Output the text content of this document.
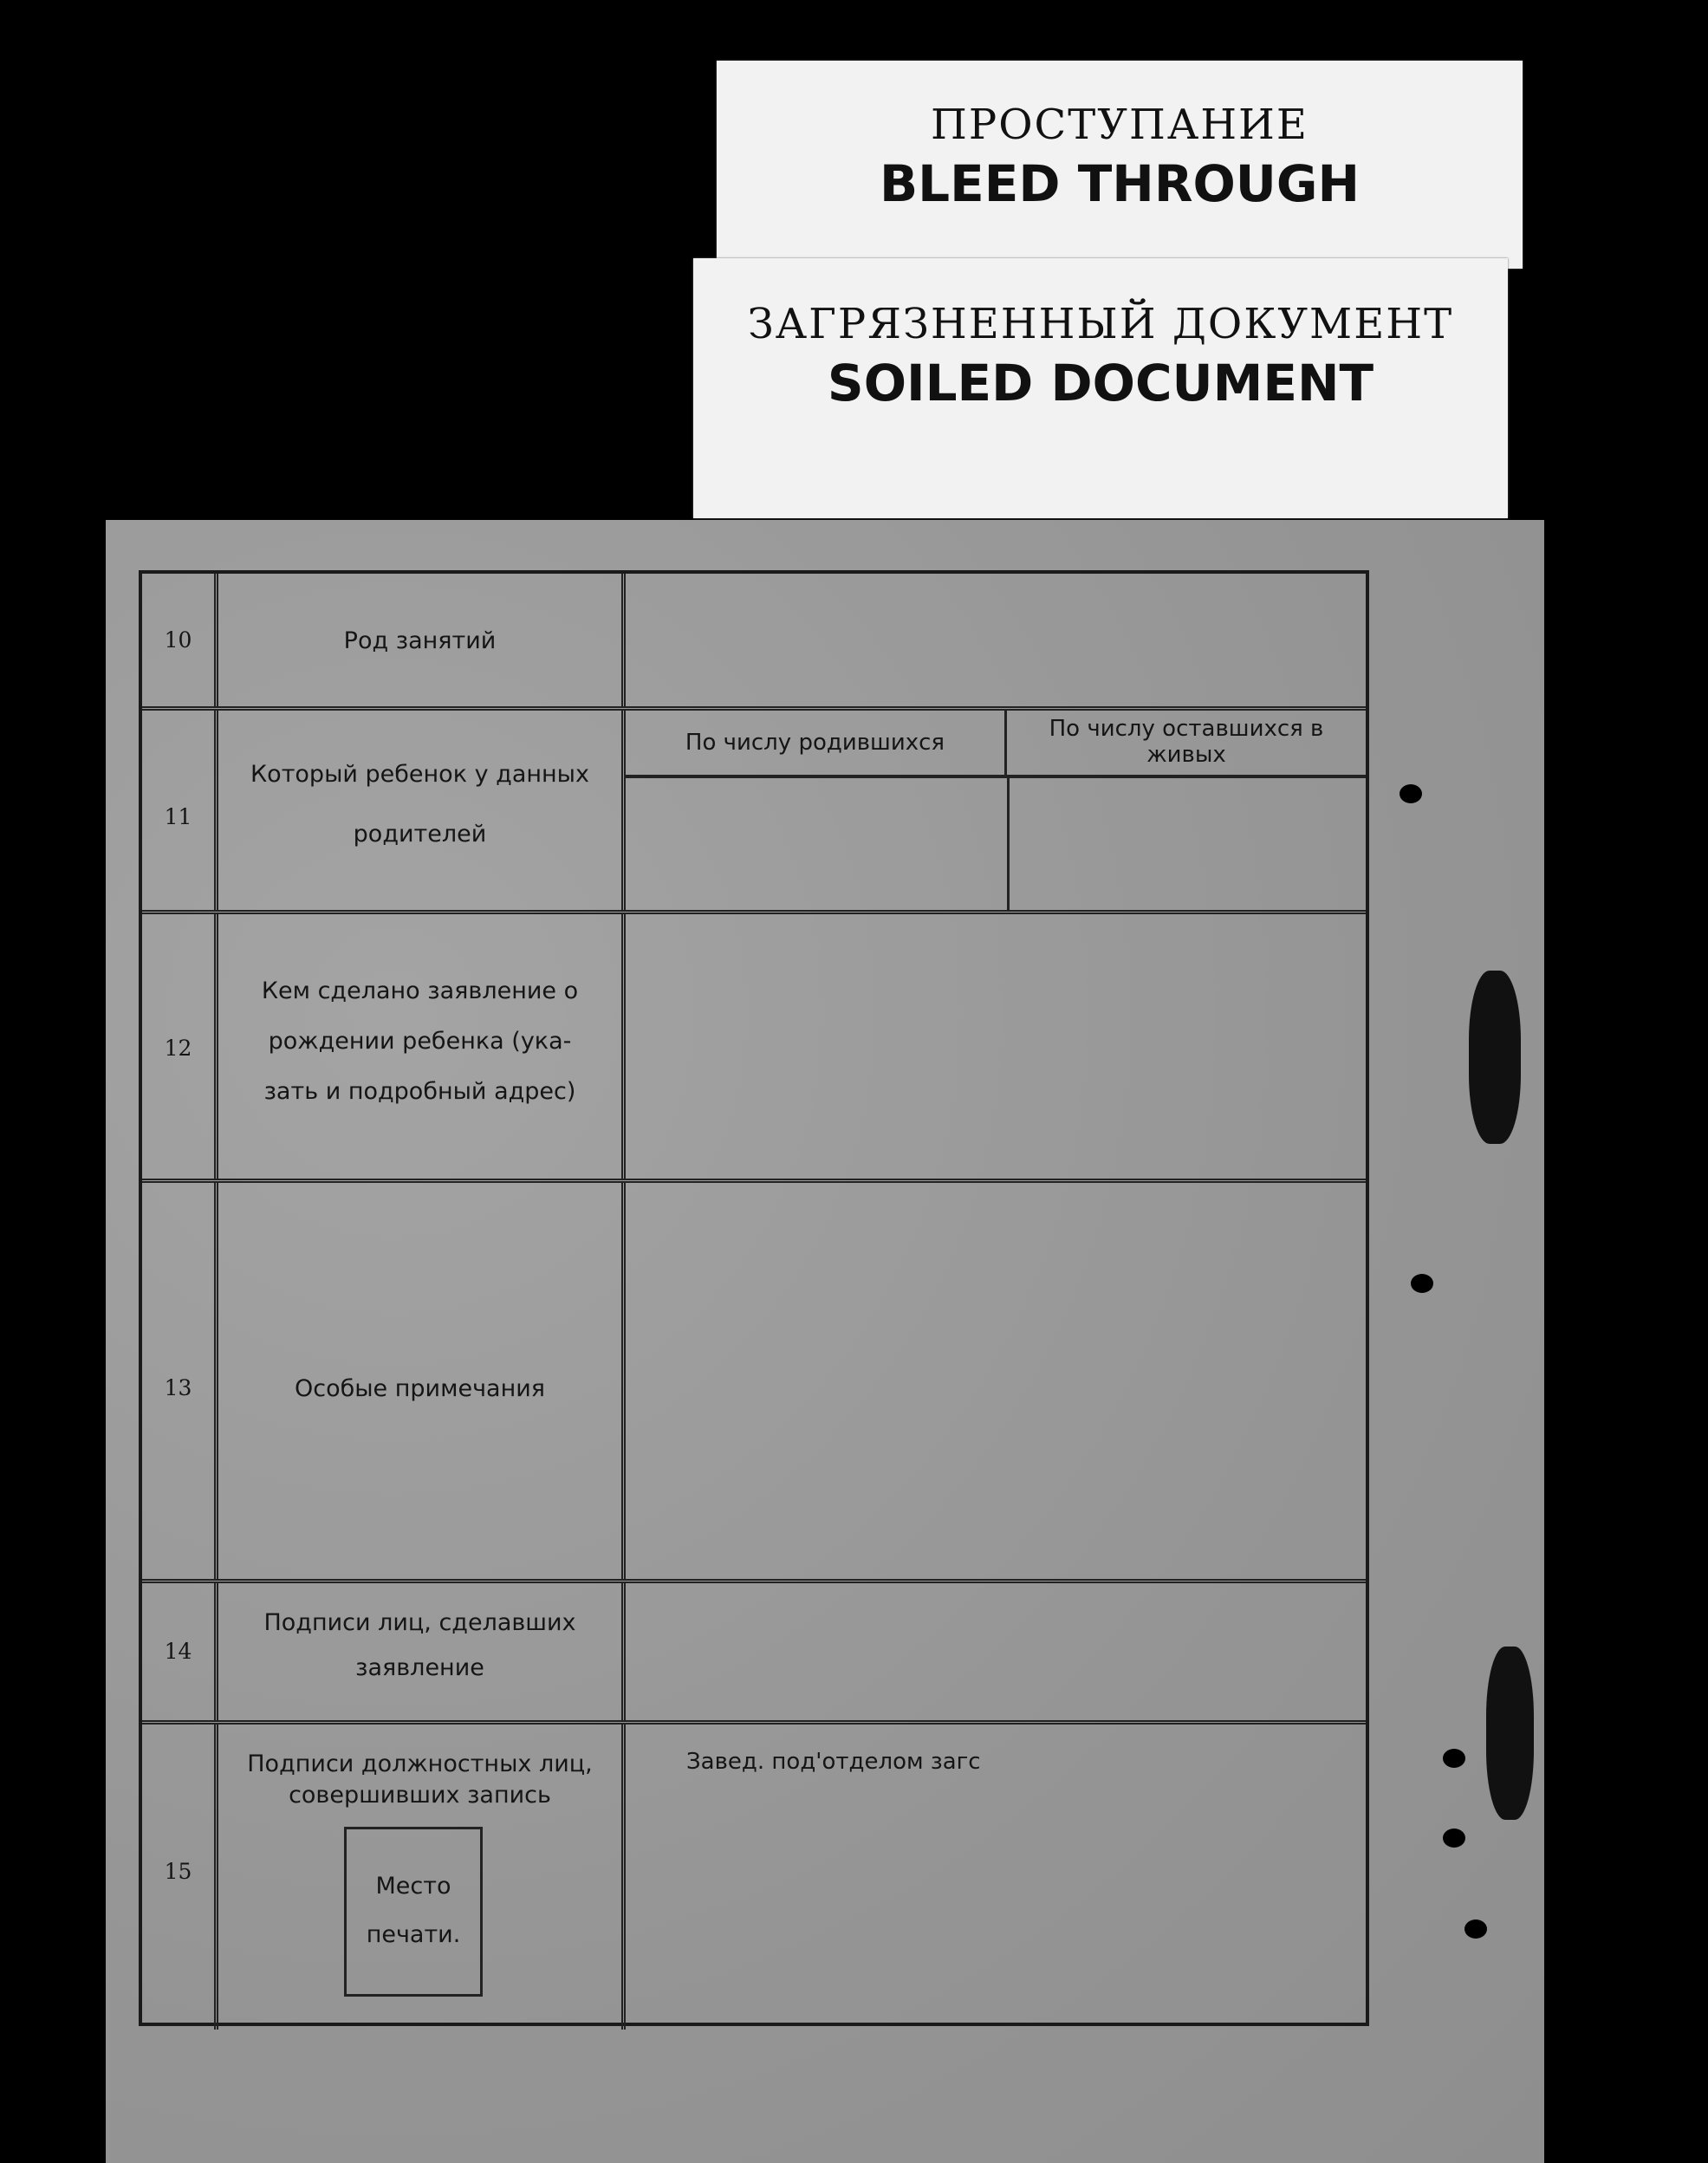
ПРОСТУПАНИЕ
BLEED THROUGH
ЗАГРЯЗНЕННЫЙ ДОКУМЕНТ
SOILED DOCUMENT
10	Род занятий
11
Который ребенок у данных
родителей
По числу родившихся
По числу оставшихся в живых
12
Кем сделано заявление о
рождении ребенка (ука-
зать и подробный адрес)
13	Особые примечания
14
Подписи лиц, сделавших
заявление
15
Подписи должностных лиц,
совершивших запись
Место
печати.
Завед. под'отделом загс
